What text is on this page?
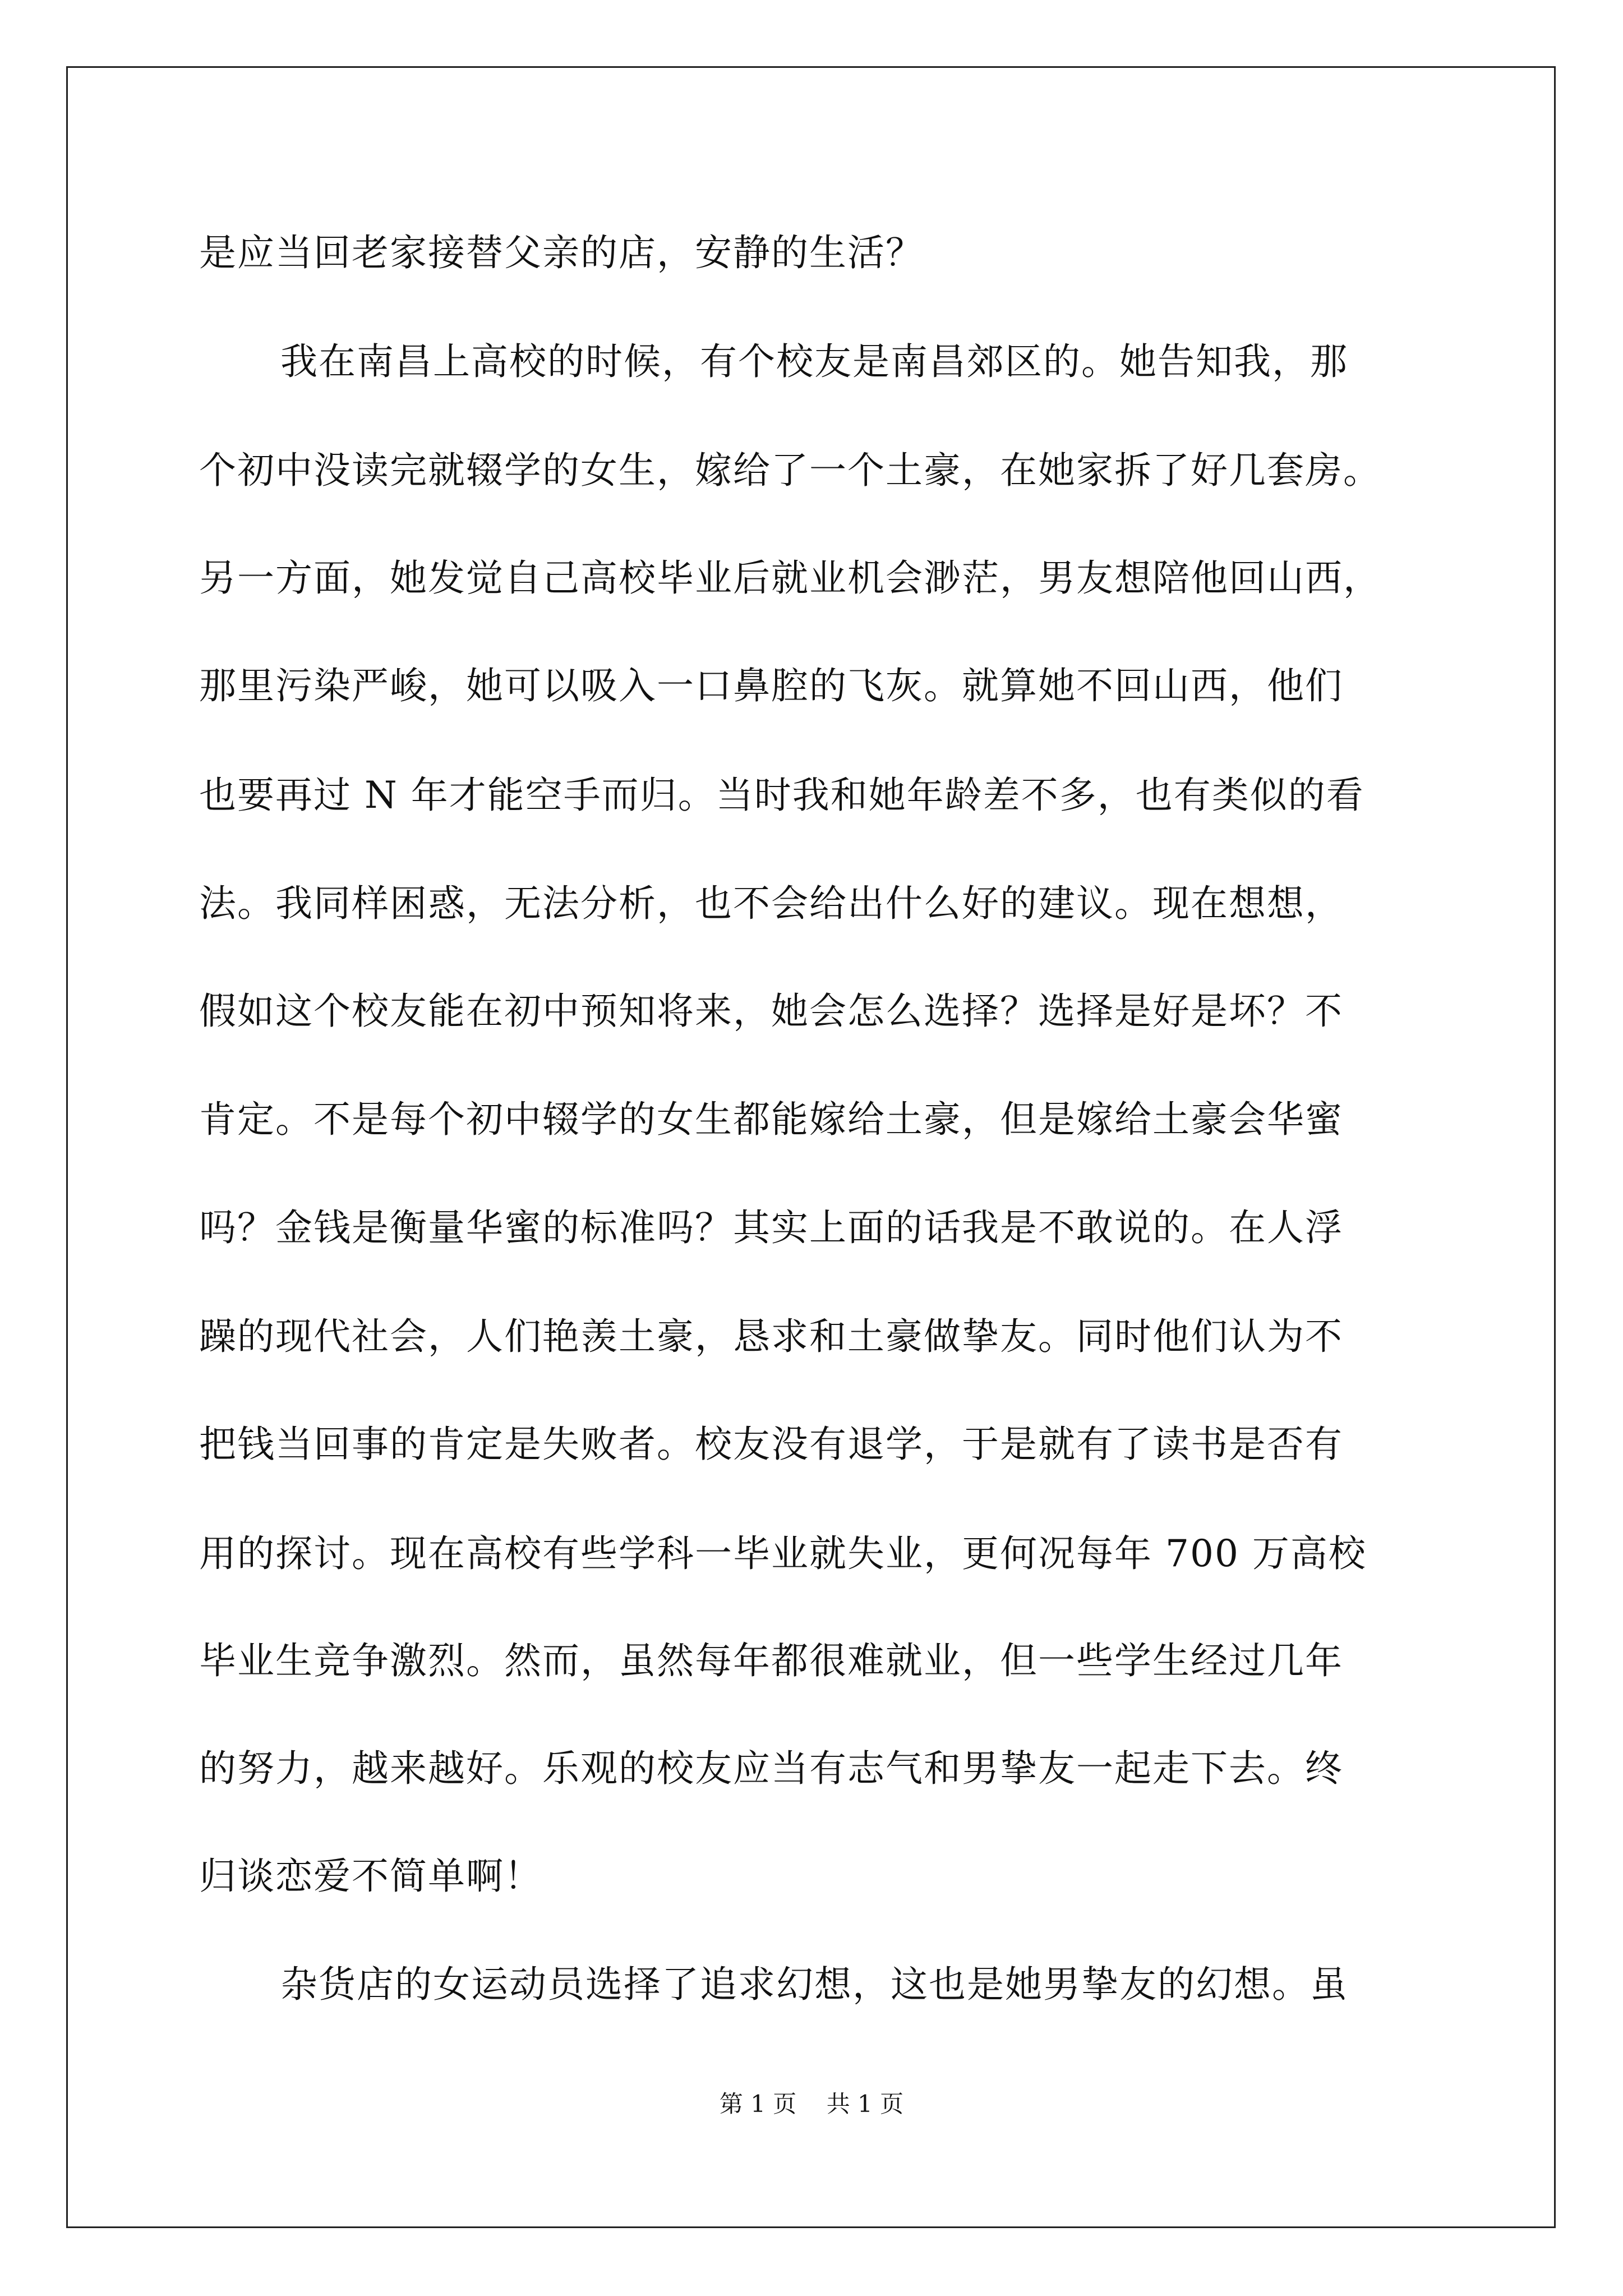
是应当回老家接替父亲的店，安静的生活？
我在南昌上高校的时候，有个校友是南昌郊区的。她告知我，那
个初中没读完就辍学的女生，嫁给了一个土豪，在她家拆了好几套房。
另一方面，她发觉自己高校毕业后就业机会渺茫，男友想陪他回山西，
那里污染严峻，她可以吸入一口鼻腔的飞灰。就算她不回山西，他们
也要再过 N 年才能空手而归。当时我和她年龄差不多，也有类似的看
法。我同样困惑，无法分析，也不会给出什么好的建议。现在想想，
假如这个校友能在初中预知将来，她会怎么选择？选择是好是坏？不
肯定。不是每个初中辍学的女生都能嫁给土豪，但是嫁给土豪会华蜜
吗？金钱是衡量华蜜的标准吗？其实上面的话我是不敢说的。在人浮
躁的现代社会，人们艳羡土豪，恳求和土豪做挚友。同时他们认为不
把钱当回事的肯定是失败者。校友没有退学，于是就有了读书是否有
用的探讨。现在高校有些学科一毕业就失业，更何况每年 700 万高校
毕业生竞争激烈。然而，虽然每年都很难就业，但一些学生经过几年
的努力，越来越好。乐观的校友应当有志气和男挚友一起走下去。终
归谈恋爱不简单啊！
杂货店的女运动员选择了追求幻想，这也是她男挚友的幻想。虽
第 1 页    共 1 页
